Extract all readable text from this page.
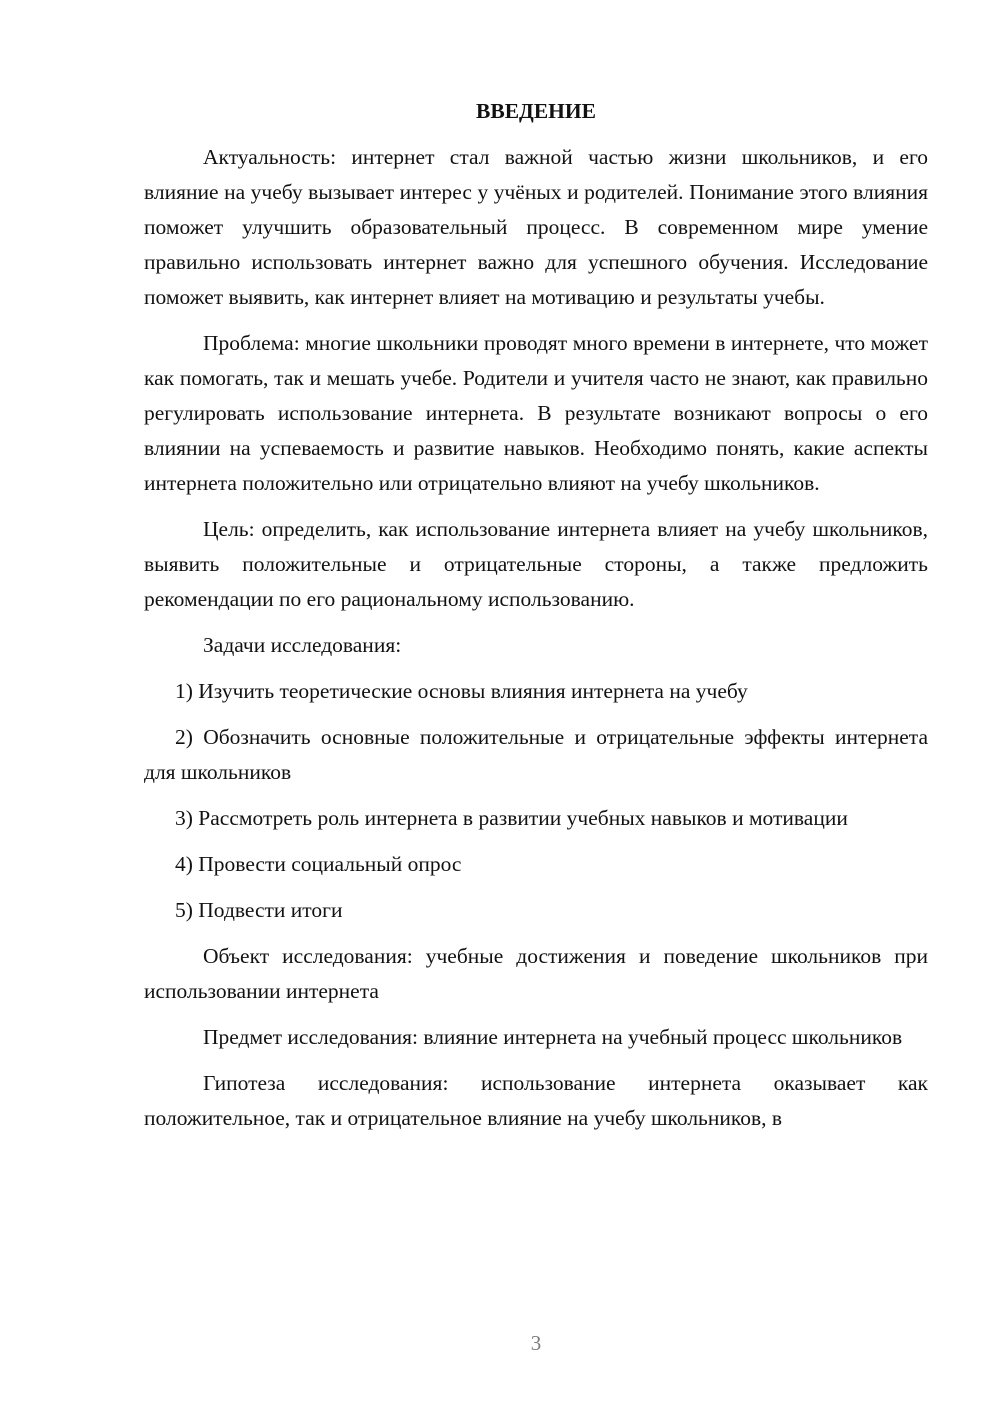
ВВЕДЕНИЕ

Актуальность: интернет стал важной частью жизни школьников, и его влияние на учебу вызывает интерес у учёных и родителей. Понимание этого влияния поможет улучшить образовательный процесс. В современном мире умение правильно использовать интернет важно для успешного обучения. Исследование поможет выявить, как интернет влияет на мотивацию и результаты учебы.

Проблема: многие школьники проводят много времени в интернете, что может как помогать, так и мешать учебе. Родители и учителя часто не знают, как правильно регулировать использование интернета. В результате возникают вопросы о его влиянии на успеваемость и развитие навыков. Необходимо понять, какие аспекты интернета положительно или отрицательно влияют на учебу школьников.

Цель: определить, как использование интернета влияет на учебу школьников, выявить положительные и отрицательные стороны, а также предложить рекомендации по его рациональному использованию.

Задачи исследования:

1) Изучить теоретические основы влияния интернета на учебу

2) Обозначить основные положительные и отрицательные эффекты интернета для школьников

3) Рассмотреть роль интернета в развитии учебных навыков и мотивации

4) Провести социальный опрос

5) Подвести итоги

Объект исследования: учебные достижения и поведение школьников при использовании интернета

Предмет исследования: влияние интернета на учебный процесс школьников

Гипотеза исследования: использование интернета оказывает как положительное, так и отрицательное влияние на учебу школьников, в

3
